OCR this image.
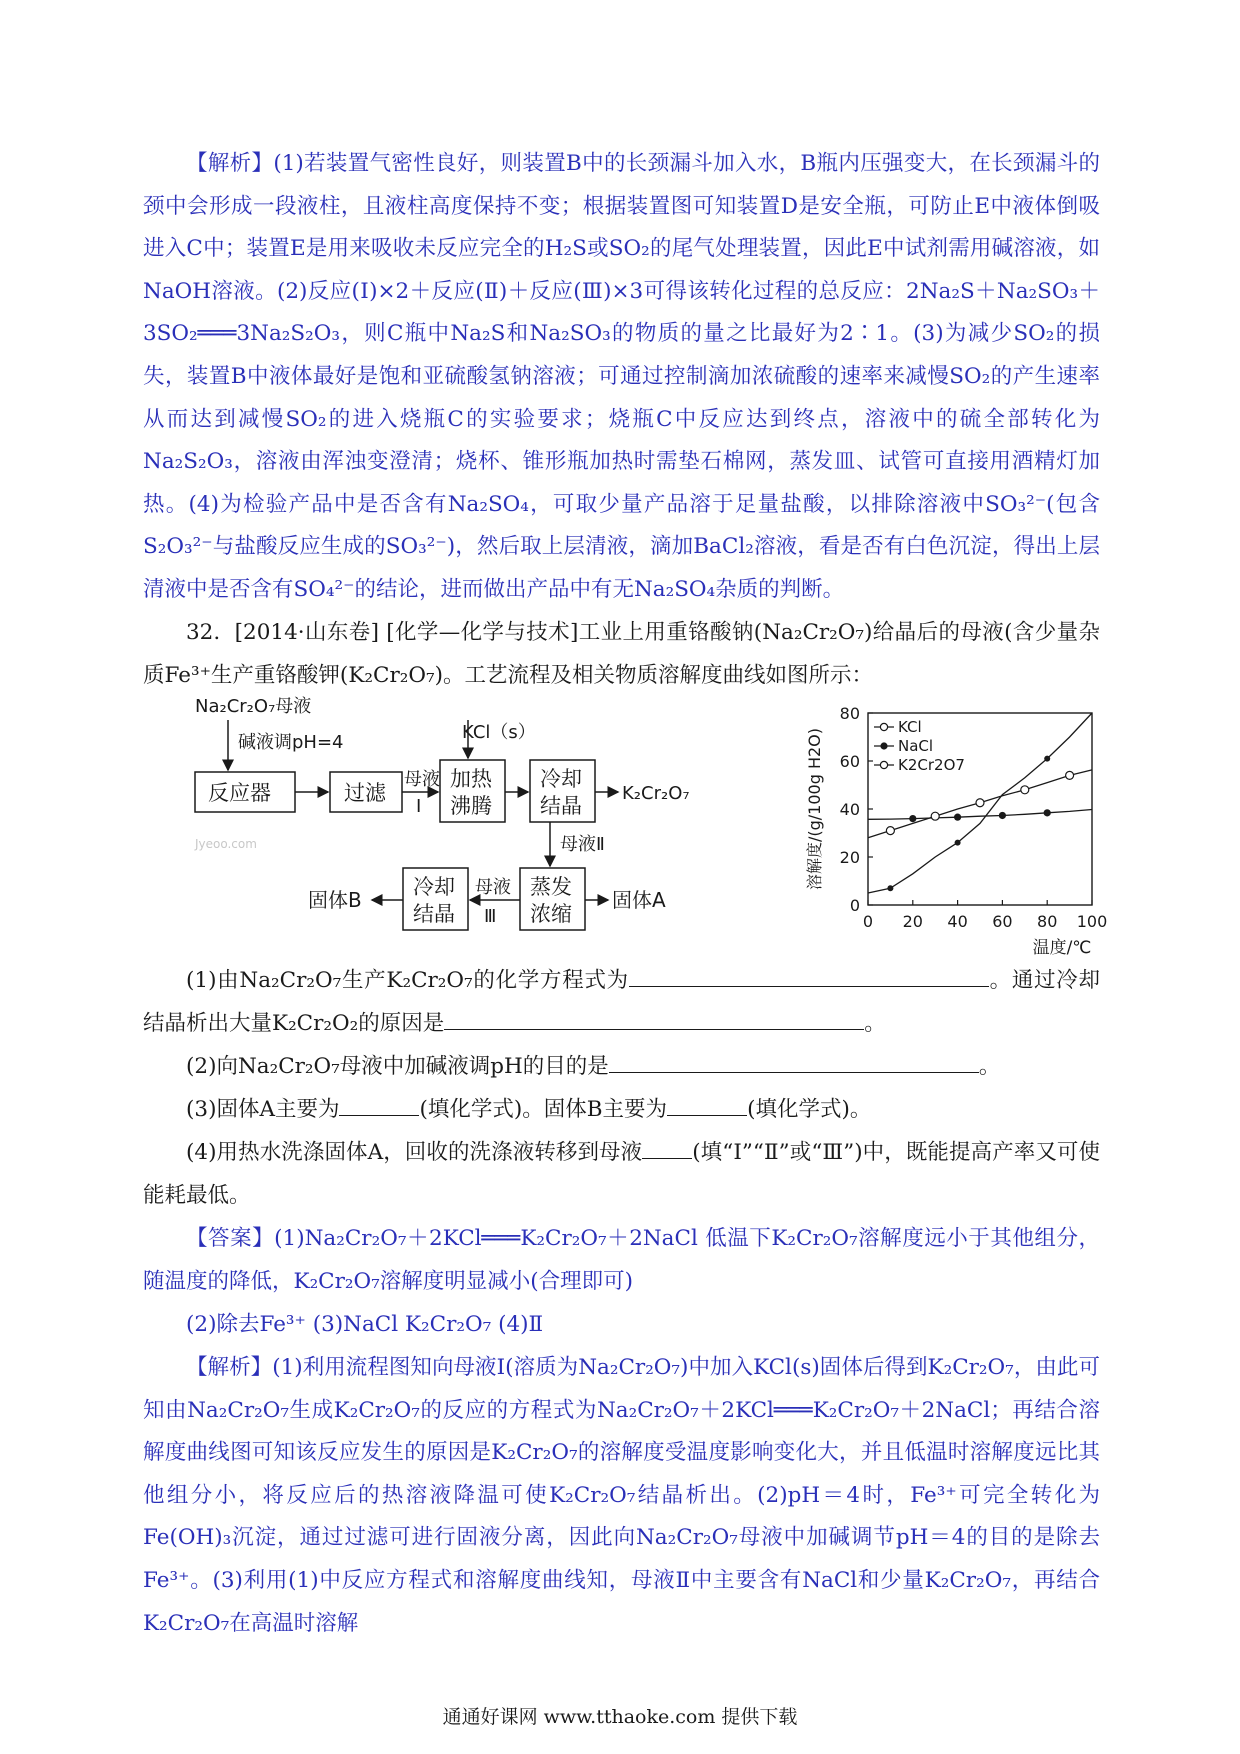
【解析】(1)若装置气密性良好，则装置B中的长颈漏斗加入水，B瓶内压强变大，在长颈漏斗的颈中会形成一段液柱，且液柱高度保持不变；根据装置图可知装置D是安全瓶，可防止E中液体倒吸进入C中；装置E是用来吸收未反应完全的H₂S或SO₂的尾气处理装置，因此E中试剂需用碱溶液，如NaOH溶液。(2)反应(Ⅰ)×2＋反应(Ⅱ)＋反应(Ⅲ)×3可得该转化过程的总反应：2Na₂S＋Na₂SO₃＋3SO₂═══3Na₂S₂O₃，则C瓶中Na₂S和Na₂SO₃的物质的量之比最好为2∶1。(3)为减少SO₂的损失，装置B中液体最好是饱和亚硫酸氢钠溶液；可通过控制滴加浓硫酸的速率来减慢SO₂的产生速率从而达到减慢SO₂的进入烧瓶C的实验要求；烧瓶C中反应达到终点，溶液中的硫全部转化为Na₂S₂O₃，溶液由浑浊变澄清；烧杯、锥形瓶加热时需垫石棉网，蒸发皿、试管可直接用酒精灯加热。(4)为检验产品中是否含有Na₂SO₄，可取少量产品溶于足量盐酸，以排除溶液中SO₃²⁻(包含S₂O₃²⁻与盐酸反应生成的SO₃²⁻)，然后取上层清液，滴加BaCl₂溶液，看是否有白色沉淀，得出上层清液中是否含有SO₄²⁻的结论，进而做出产品中有无Na₂SO₄杂质的判断。
32. [2014·山东卷] [化学—化学与技术]工业上用重铬酸钠(Na₂Cr₂O₇)给晶后的母液(含少量杂质Fe³⁺生产重铬酸钾(K₂Cr₂O₇)。工艺流程及相关物质溶解度曲线如图所示：
Na₂Cr₂O₇母液
碱液调pH=4
反应器	过滤
母液
Ⅰ
KCl（s）
加热
沸腾
冷却
结晶
K₂Cr₂O₇
母液Ⅱ
蒸发
浓缩
固体A
母液
Ⅲ
冷却
结晶
固体B
Jyeoo.com
0 20 40 60 80 100
0
20
40
60
80
KCl
NaCl
K2Cr2O7
溶解度/(g/100g H2O)
温度/℃
(1)由Na₂Cr₂O₇生产K₂Cr₂O₇的化学方程式为	。通过冷却结晶析出大量K₂Cr₂O₂的原因是	。
(2)向Na₂Cr₂O₇母液中加碱液调pH的目的是	。
(3)固体A主要为	(填化学式)。固体B主要为	(填化学式)。
(4)用热水洗涤固体A，回收的洗涤液转移到母液 (填“Ⅰ”“Ⅱ”或“Ⅲ”)中，既能提高产率又可使能耗最低。
【答案】(1)Na₂Cr₂O₇＋2KCl═══K₂Cr₂O₇＋2NaCl 低温下K₂Cr₂O₇溶解度远小于其他组分，随温度的降低，K₂Cr₂O₇溶解度明显减小(合理即可)
(2)除去Fe³⁺ (3)NaCl K₂Cr₂O₇ (4)Ⅱ
【解析】(1)利用流程图知向母液Ⅰ(溶质为Na₂Cr₂O₇)中加入KCl(s)固体后得到K₂Cr₂O₇，由此可知由Na₂Cr₂O₇生成K₂Cr₂O₇的反应的方程式为Na₂Cr₂O₇＋2KCl═══K₂Cr₂O₇＋2NaCl；再结合溶解度曲线图可知该反应发生的原因是K₂Cr₂O₇的溶解度受温度影响变化大，并且低温时溶解度远比其他组分小，将反应后的热溶液降温可使K₂Cr₂O₇结晶析出。(2)pH＝4时，Fe³⁺可完全转化为Fe(OH)₃沉淀，通过过滤可进行固液分离，因此向Na₂Cr₂O₇母液中加碱调节pH＝4的目的是除去Fe³⁺。(3)利用(1)中反应方程式和溶解度曲线知，母液Ⅱ中主要含有NaCl和少量K₂Cr₂O₇，再结合K₂Cr₂O₇在高温时溶解
通通好课网 www.tthaoke.com 提供下载
